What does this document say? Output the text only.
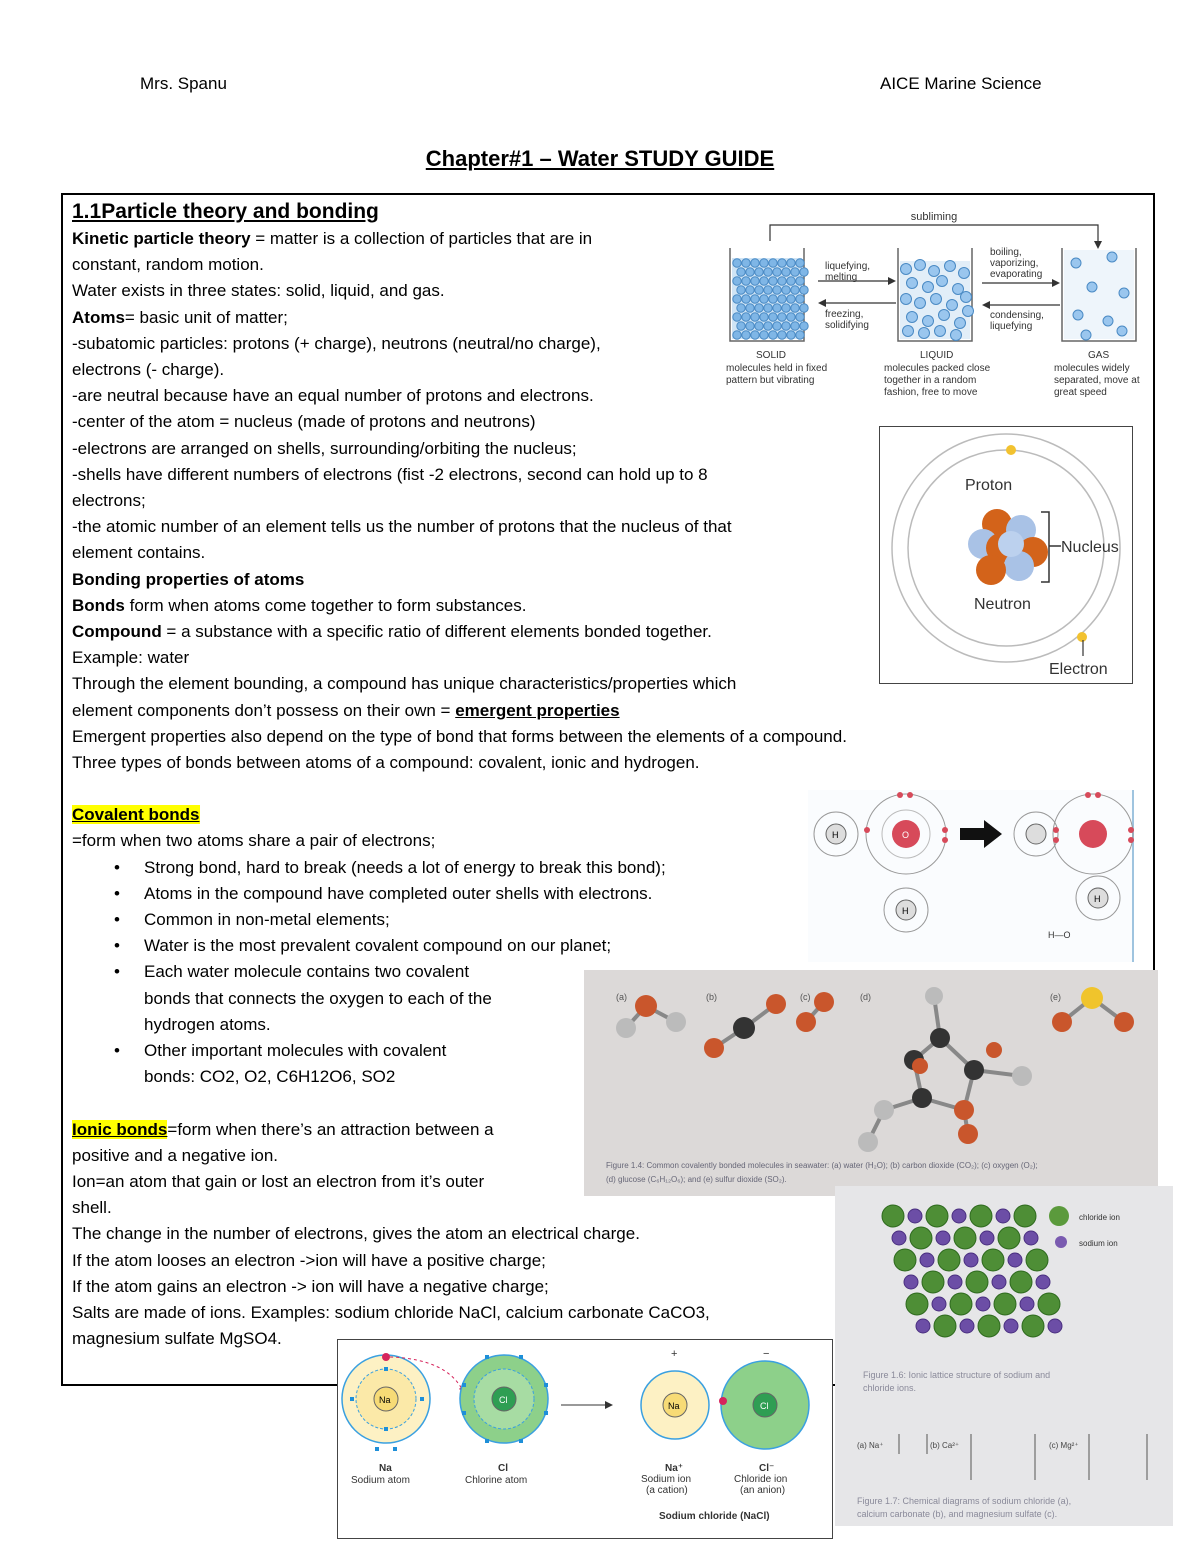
Mrs. Spanu	AICE Marine Science
Chapter#1 – Water STUDY GUIDE
1.1Particle theory and bonding
Kinetic particle theory = matter is a collection of particles that are in
constant, random motion.
Water exists in three states: solid, liquid, and gas.
Atoms= basic unit of matter;
-subatomic particles: protons (+ charge), neutrons (neutral/no charge),
electrons (- charge).
-are neutral because have an equal number of protons and electrons.
-center of the atom = nucleus (made of protons and neutrons)
-electrons are arranged on shells, surrounding/orbiting the nucleus;
-shells have different numbers of electrons (fist -2 electrons, second can hold up to 8
electrons;
-the atomic number of an element tells us the number of protons that the nucleus of that
element contains.
Bonding properties of atoms
Bonds form when atoms come together to form substances.
Compound = a substance with a specific ratio of different elements bonded together.
Example: water
Through the element bounding, a compound has unique characteristics/properties which
element components don’t possess on their own = emergent properties
Emergent properties also depend on the type of bond that forms between the elements of a compound.
Three types of bonds between atoms of a compound: covalent, ionic and hydrogen.
Covalent bonds
=form when two atoms share a pair of electrons;
• Strong bond, hard to break (needs a lot of energy to break this bond);
• Atoms in the compound have completed outer shells with electrons.
• Common in non-metal elements;
• Water is the most prevalent covalent compound on our planet;
• Each water molecule contains two covalent
bonds that connects the oxygen to each of the
hydrogen atoms.
• Other important molecules with covalent
bonds: CO2, O2, C6H12O6, SO2
Ionic bonds=form when there’s an attraction between a
positive and a negative ion.
Ion=an atom that gain or lost an electron from it’s outer
shell.
The change in the number of electrons, gives the atom an electrical charge.
If the atom looses an electron ->ion will have a positive charge;
If the atom gains an electron -> ion will have a negative charge;
Salts are made of ions. Examples: sodium chloride NaCl, calcium carbonate CaCO3,
magnesium sulfate MgSO4.
subliming
liquefying,
melting
freezing,
solidifying
boiling,
vaporizing,
evaporating
condensing,
liquefying
SOLID
molecules held in fixed
pattern but vibrating
LIQUID
molecules packed close
together in a random
fashion, free to move
GAS
molecules widely
separated, move at
great speed
Proton
Nucleus
Neutron
Electron
H	O
H
H
H—O
(a)	(b)	(c)	(d)	(e)
Figure 1.4: Common covalently bonded molecules in seawater: (a) water (H₂O); (b) carbon dioxide (CO₂); (c) oxygen (O₂);
(d) glucose (C₆H₁₂O₆); and (e) sulfur dioxide (SO₂).
chloride ion
sodium ion
Figure 1.6: Ionic lattice structure of sodium and
chloride ions.
(a) Na⁺	(b) Ca²⁺	(c) Mg²⁺
Figure 1.7: Chemical diagrams of sodium chloride (a),
calcium carbonate (b), and magnesium sulfate (c).
Na	Cl
Na
Sodium atom
Cl
Chlorine atom
Na	Cl
+	−
Na⁺
Sodium ion
(a cation)
Cl⁻
Chloride ion
(an anion)
Sodium chloride (NaCl)
